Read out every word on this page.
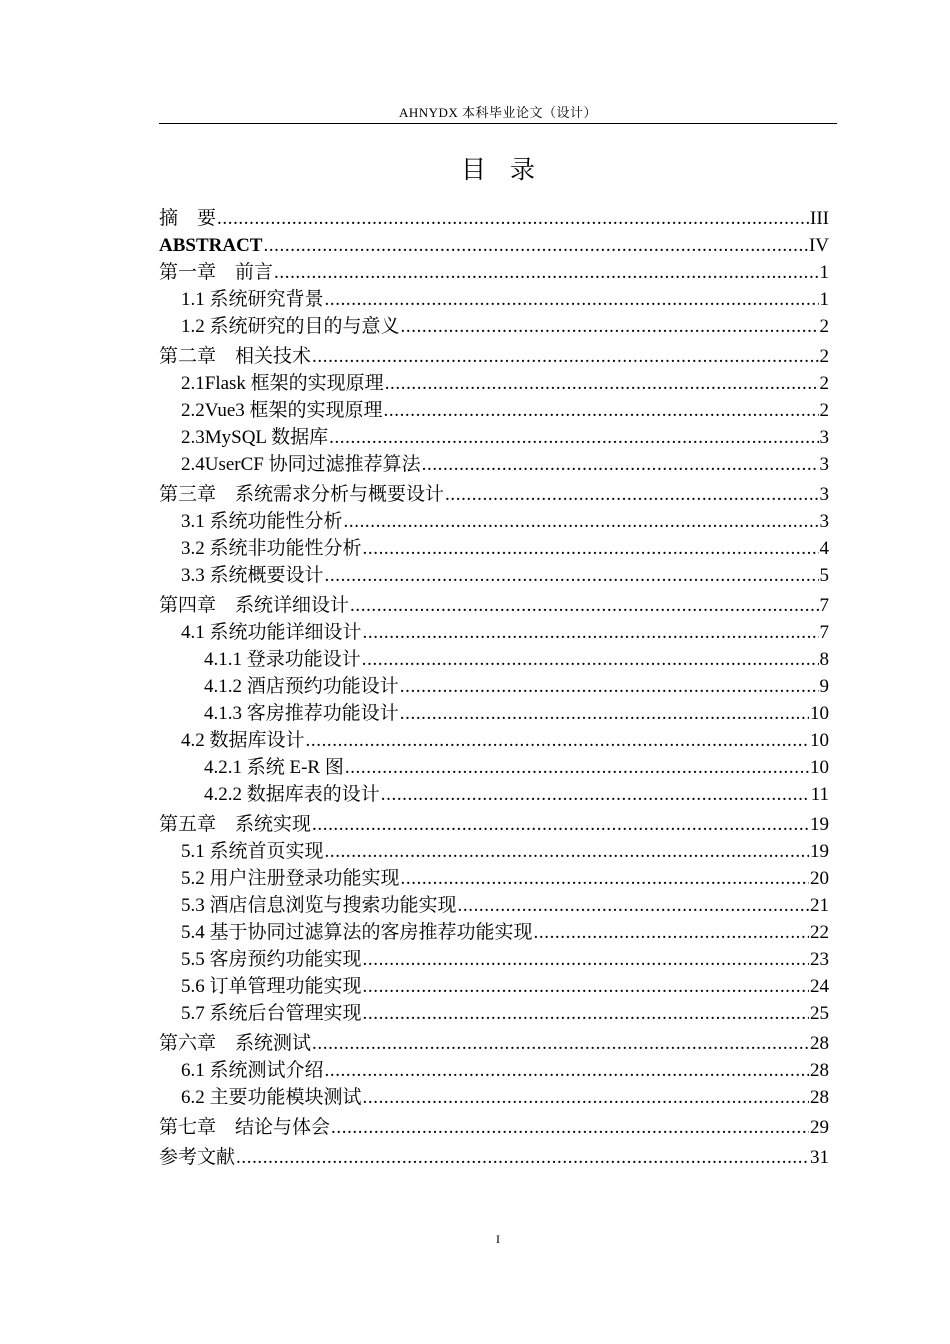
AHNYDX 本科毕业论文（设计）
目录
摘　要 .....	III
ABSTRACT .....	IV
第一章　前言 .....	1
1.1 系统研究背景 .....	1
1.2 系统研究的目的与意义 .....	2
第二章　相关技术 .....	2
2.1Flask 框架的实现原理 .....	2
2.2Vue3 框架的实现原理 .....	2
2.3MySQL 数据库 .....	3
2.4UserCF 协同过滤推荐算法 .....	3
第三章　系统需求分析与概要设计 .....	3
3.1 系统功能性分析 .....	3
3.2 系统非功能性分析 .....	4
3.3 系统概要设计 .....	5
第四章　系统详细设计 .....	7
4.1 系统功能详细设计 .....	7
4.1.1 登录功能设计 .....	8
4.1.2 酒店预约功能设计 .....	9
4.1.3 客房推荐功能设计 .....	10
4.2 数据库设计 .....	10
4.2.1 系统 E-R 图 .....	10
4.2.2 数据库表的设计 .....	11
第五章　系统实现 .....	19
5.1 系统首页实现 .....	19
5.2 用户注册登录功能实现 .....	20
5.3 酒店信息浏览与搜索功能实现 .....	21
5.4 基于协同过滤算法的客房推荐功能实现 .....	22
5.5 客房预约功能实现 .....	23
5.6 订单管理功能实现 .....	24
5.7 系统后台管理实现 .....	25
第六章　系统测试 .....	28
6.1 系统测试介绍 .....	28
6.2 主要功能模块测试 .....	28
第七章　结论与体会 .....	29
参考文献 .....	31
I
